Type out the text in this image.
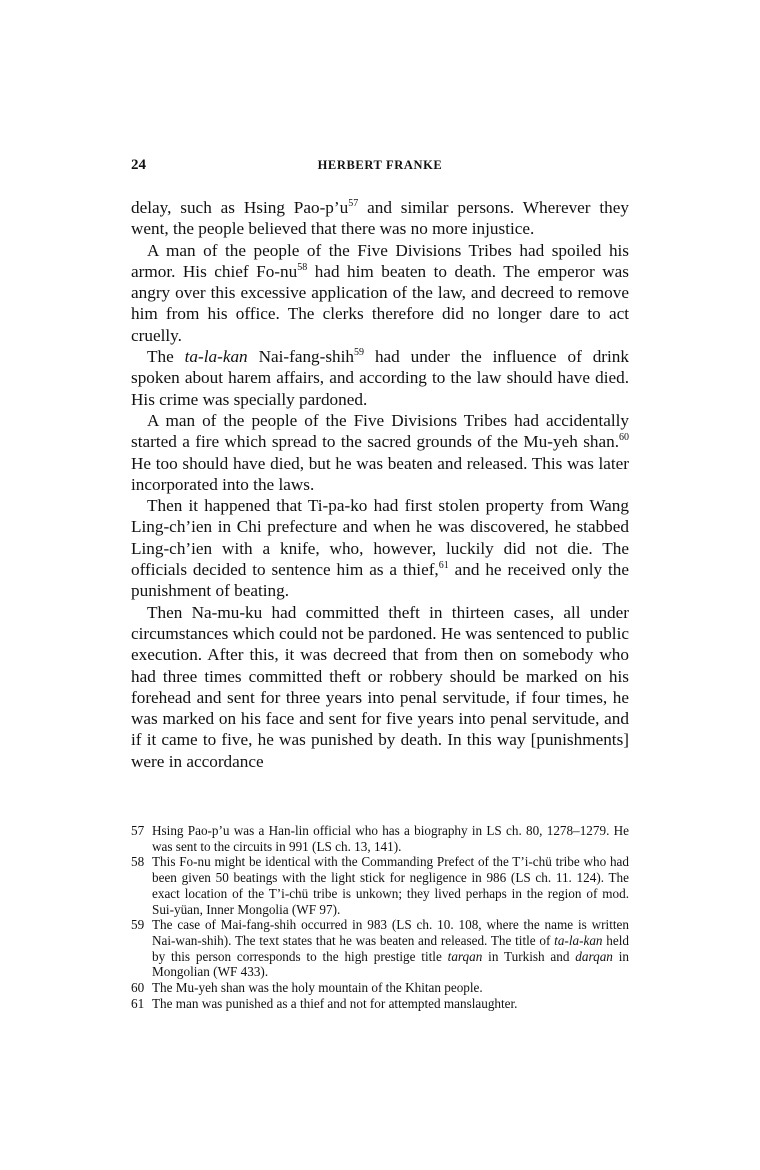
24	HERBERT FRANKE

delay, such as Hsing Pao-$p’u^{57}$ and similar persons. Wherever they went, the people believed that there was no more injustice.

A man of the people of the Five Divisions Tribes had spoiled his armor. His chief $Fo-nu^{58}$ had him beaten to death. The emperor was angry over this excessive application of the law, and decreed to remove him from his office. The clerks therefore did no longer dare to act cruelly.

The ta-la-kan Nai-fang-shih$^{59}$ had under the influence of drink spoken about harem affairs, and according to the law should have died. His crime was specially pardoned.

A man of the people of the Five Divisions Tribes had accidentally started a fire which spread to the sacred grounds of the Mu-yeh shan.$^{60}$ He too should have died, but he was beaten and released. This was later incorporated into the laws.

Then it happened that Ti-pa-ko had first stolen property from Wang Ling-ch’ien in Chi prefecture and when he was discovered, he stabbed Ling-ch’ien with a knife, who, however, luckily did not die. The officials decided to sentence him as a thief,$^{61}$ and he received only the punishment of beating.

Then Na-mu-ku had committed theft in thirteen cases, all under circumstances which could not be pardoned. He was sentenced to public execution. After this, it was decreed that from then on somebody who had three times committed theft or robbery should be marked on his forehead and sent for three years into penal servitude, if four times, he was marked on his face and sent for five years into penal servitude, and if it came to five, he was punished by death. In this way [punishments] were in accordance

57 Hsing Pao-p’u was a Han-lin official who has a biography in LS ch. 80, 1278–1279. He was sent to the circuits in 991 (LS ch. 13, 141).
58 This Fo-nu might be identical with the Commanding Prefect of the T’i-chü tribe who had been given 50 beatings with the light stick for negligence in 986 (LS ch. 11. 124). The exact location of the T’i-chü tribe is unkown; they lived perhaps in the region of mod. Sui-yüan, Inner Mongolia (WF 97).
59 The case of Mai-fang-shih occurred in 983 (LS ch. 10. 108, where the name is written Nai-wan-shih). The text states that he was beaten and released. The title of ta-la-kan held by this person corresponds to the high prestige title tarqan in Turkish and darqan in Mongolian (WF 433).
60 The Mu-yeh shan was the holy mountain of the Khitan people.
61 The man was punished as a thief and not for attempted manslaughter.
